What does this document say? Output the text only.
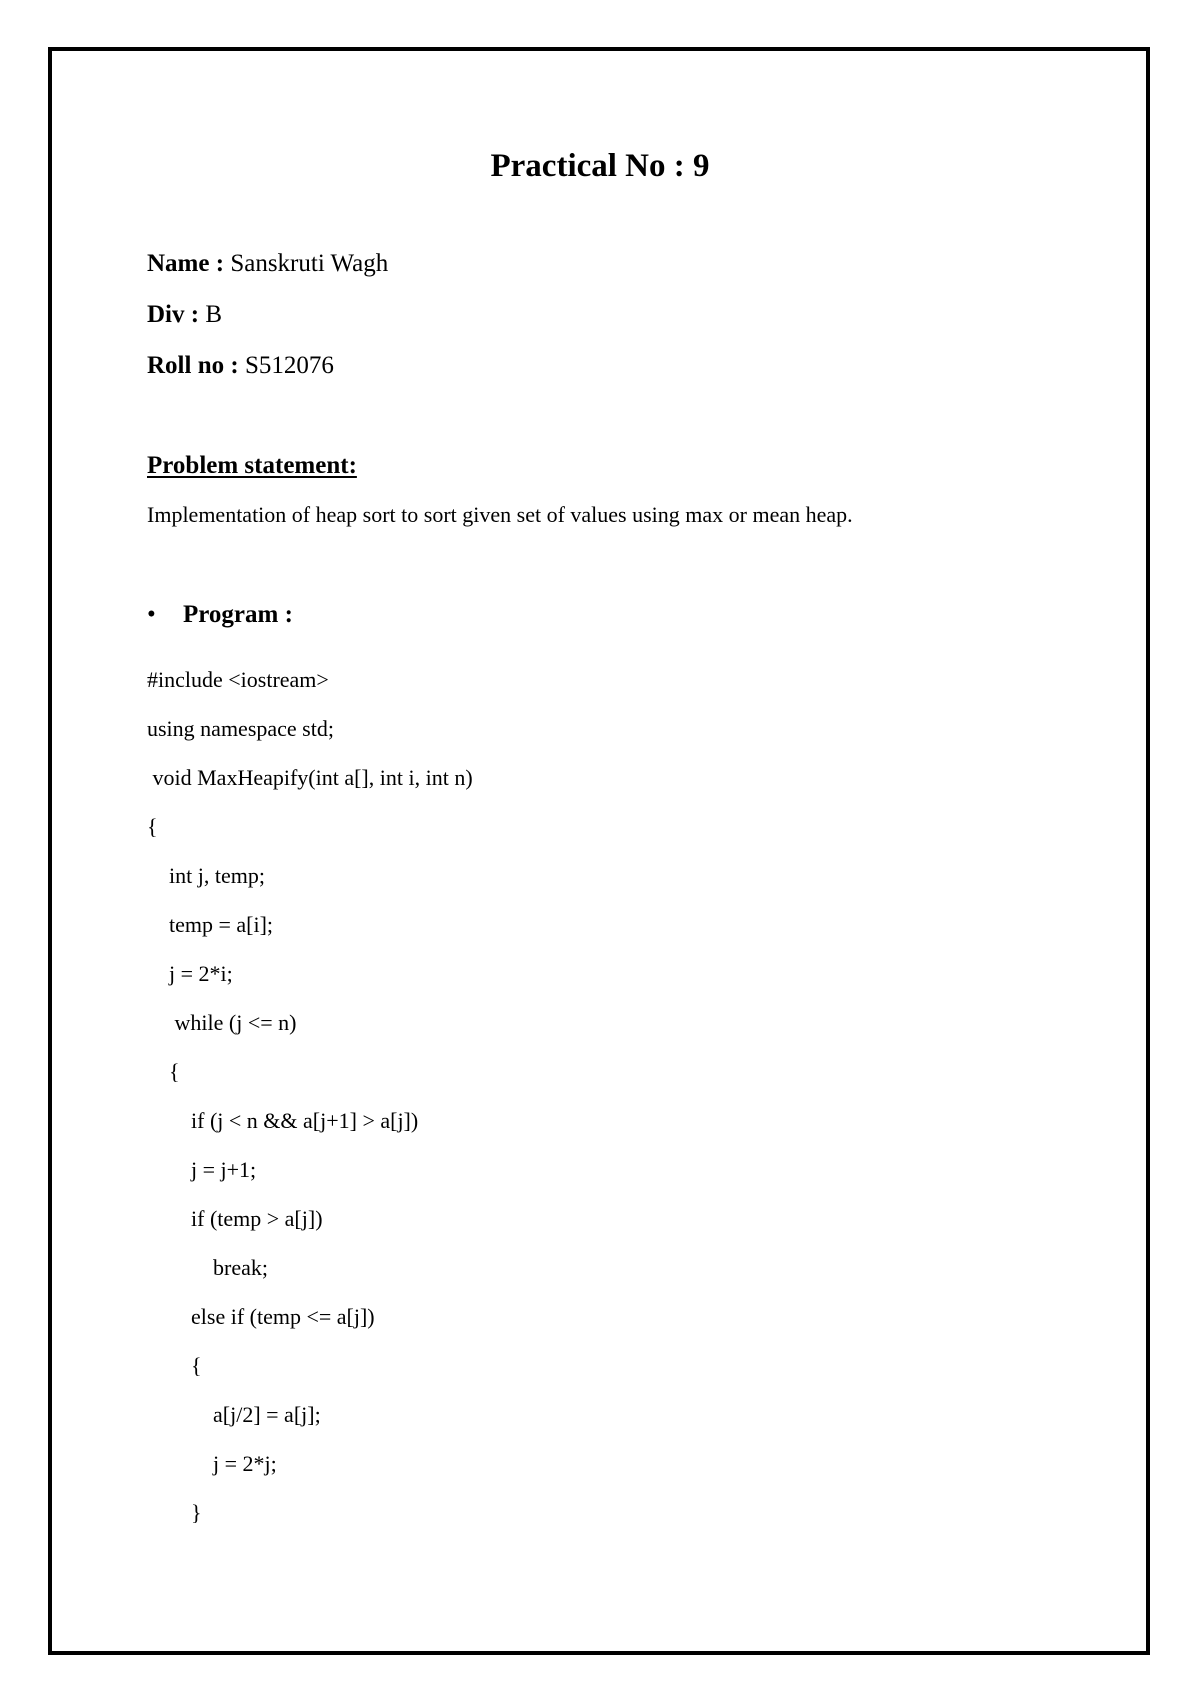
Practical No : 9
Name : Sanskruti Wagh
Div : B
Roll no : S512076
Problem statement:
Implementation of heap sort to sort given set of values using max or mean heap.
• Program :
#include <iostream>
using namespace std;
void MaxHeapify(int a[], int i, int n)
{
int j, temp;
temp = a[i];
j = 2*i;
while (j <= n)
{
if (j < n && a[j+1] > a[j])
j = j+1;
if (temp > a[j])
break;
else if (temp <= a[j])
{
a[j/2] = a[j];
j = 2*j;
}
